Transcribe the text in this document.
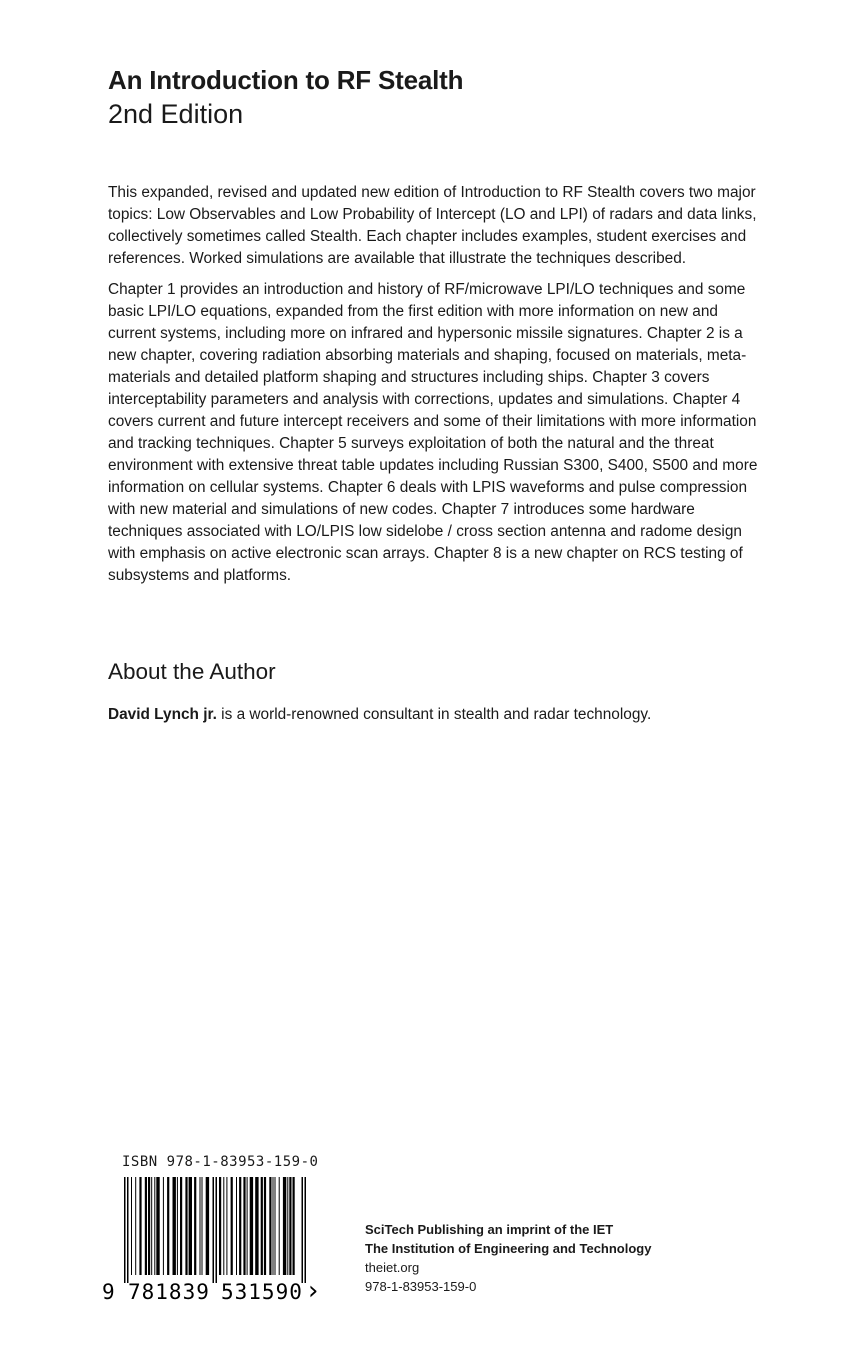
An Introduction to RF Stealth
2nd Edition

This expanded, revised and updated new edition of Introduction to RF Stealth covers two major topics: Low Observables and Low Probability of Intercept (LO and LPI) of radars and data links, collectively sometimes called Stealth. Each chapter includes examples, student exercises and references. Worked simulations are available that illustrate the techniques described.

Chapter 1 provides an introduction and history of RF/microwave LPI/LO techniques and some basic LPI/LO equations, expanded from the first edition with more information on new and current systems, including more on infrared and hypersonic missile signatures. Chapter 2 is a new chapter, covering radiation absorbing materials and shaping, focused on materials, meta-materials and detailed platform shaping and structures including ships. Chapter 3 covers interceptability parameters and analysis with corrections, updates and simulations. Chapter 4 covers current and future intercept receivers and some of their limitations with more information and tracking techniques. Chapter 5 surveys exploitation of both the natural and the threat environment with extensive threat table updates including Russian S300, S400, S500 and more information on cellular systems. Chapter 6 deals with LPIS waveforms and pulse compression with new material and simulations of new codes. Chapter 7 introduces some hardware techniques associated with LO/LPIS low sidelobe / cross section antenna and radome design with emphasis on active electronic scan arrays. Chapter 8 is a new chapter on RCS testing of subsystems and platforms.

About the Author

David Lynch jr. is a world-renowned consultant in stealth and radar technology.

ISBN 978-1-83953-159-0
9 781839 531590 ›
SciTech Publishing an imprint of the IET
The Institution of Engineering and Technology
theiet.org
978-1-83953-159-0
